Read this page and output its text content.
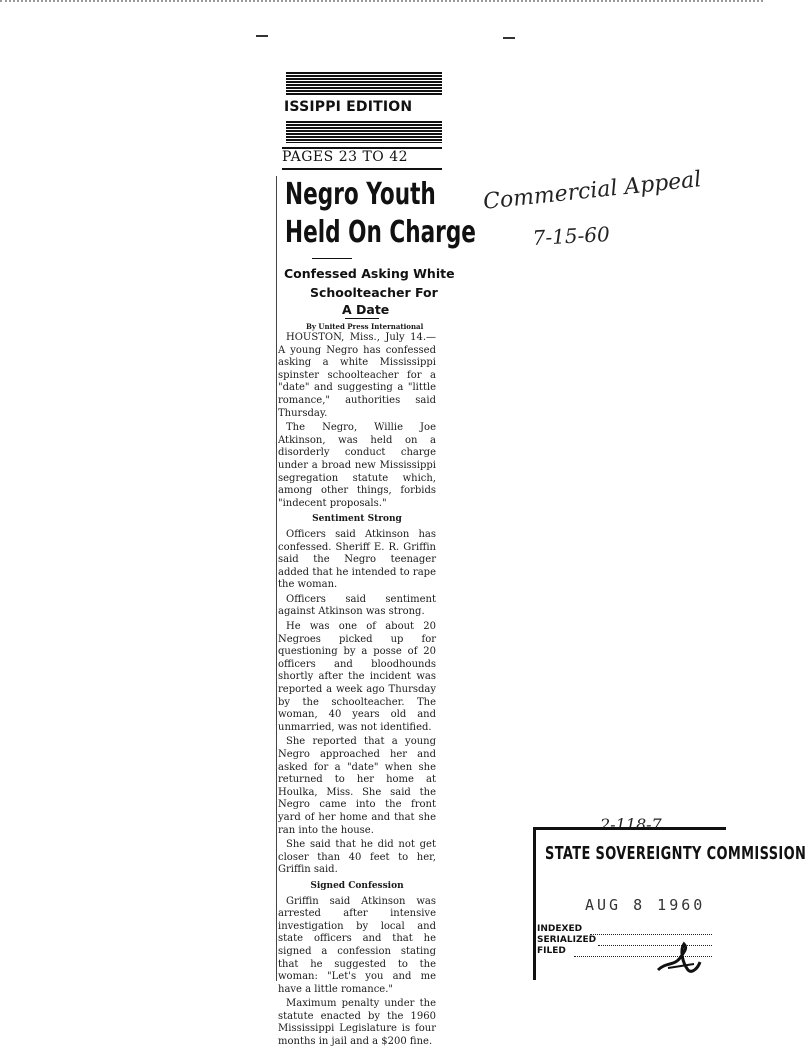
ISSIPPI EDITION
PAGES 23 TO 42
Negro Youth
Held On Charge
Confessed Asking White
Schoolteacher For
A Date
By United Press International

HOUSTON, Miss., July 14.— A young Negro has confessed asking a white Mississippi spinster schoolteacher for a "date" and suggesting a "little romance," authorities said Thursday.

The Negro, Willie Joe Atkinson, was held on a disorderly conduct charge under a broad new Mississippi segregation statute which, among other things, forbids "indecent proposals."

Sentiment Strong

Officers said Atkinson has confessed. Sheriff E. R. Griffin said the Negro teenager added that he intended to rape the woman.

Officers said sentiment against Atkinson was strong.

He was one of about 20 Negroes picked up for questioning by a posse of 20 officers and bloodhounds shortly after the incident was reported a week ago Thursday by the schoolteacher. The woman, 40 years old and unmarried, was not identified.

She reported that a young Negro approached her and asked for a "date" when she returned to her home at Houlka, Miss. She said the Negro came into the front yard of her home and that she ran into the house.

She said that he did not get closer than 40 feet to her, Griffin said.

Signed Confession

Griffin said Atkinson was arrested after intensive investigation by local and state officers and that he signed a confession stating that he suggested to the woman: "Let's you and me have a little romance."

Maximum penalty under the statute enacted by the 1960 Mississippi Legislature is four months in jail and a $200 fine.

Commercial Appeal
7-15-60
2-118-7
STATE SOVEREIGNTY COMMISSION
AUG 8 1960
INDEXED
SERIALIZED
FILED
